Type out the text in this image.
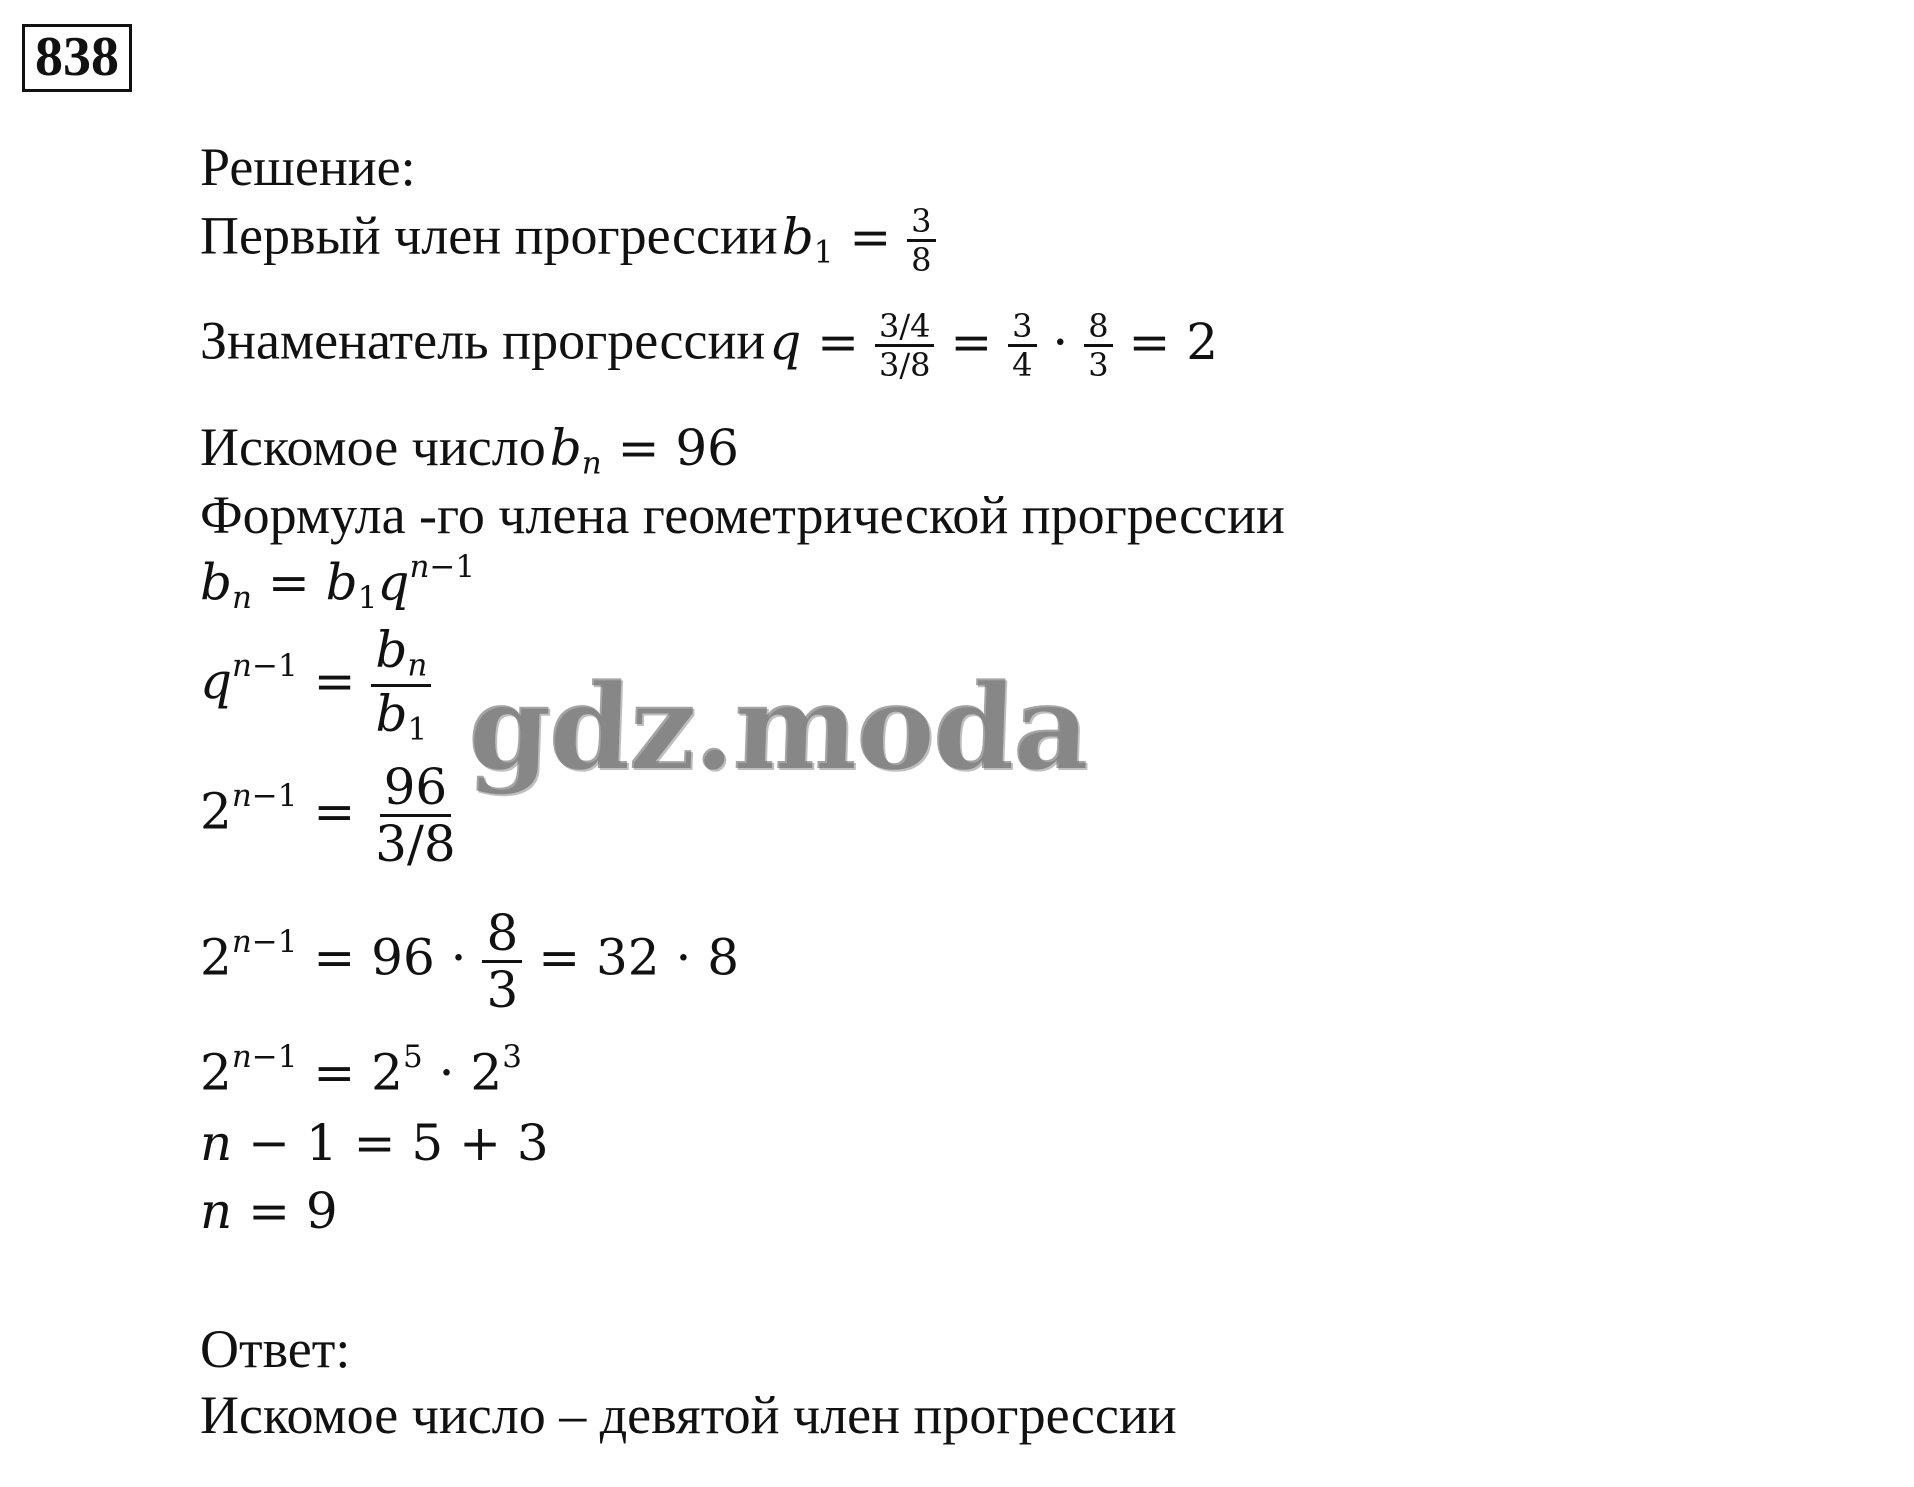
838
Решение:
Первый член прогрессии $b_1 = \frac{3}{8}$
Знаменатель прогрессии $q = \frac{3/4}{3/8} = \frac{3}{4} \cdot \frac{8}{3} = 2$
Искомое число bn = 96
Формула -го члена геометрической прогрессии
bn = $b_1q^{n-1}$
$q^{n-1} = \frac{bn}{b_1}$
$2^{n-1} = \frac{96}{3/8}$
$2^{n-1} = 96 \cdot \frac{8}{3} = 32 \cdot 8$
$2^{n-1} = 2^5 \cdot 2^3$
n − 1 = 5 + 3
n = 9
Ответ:
Искомое число – девятой член прогрессии
gdz.moda
